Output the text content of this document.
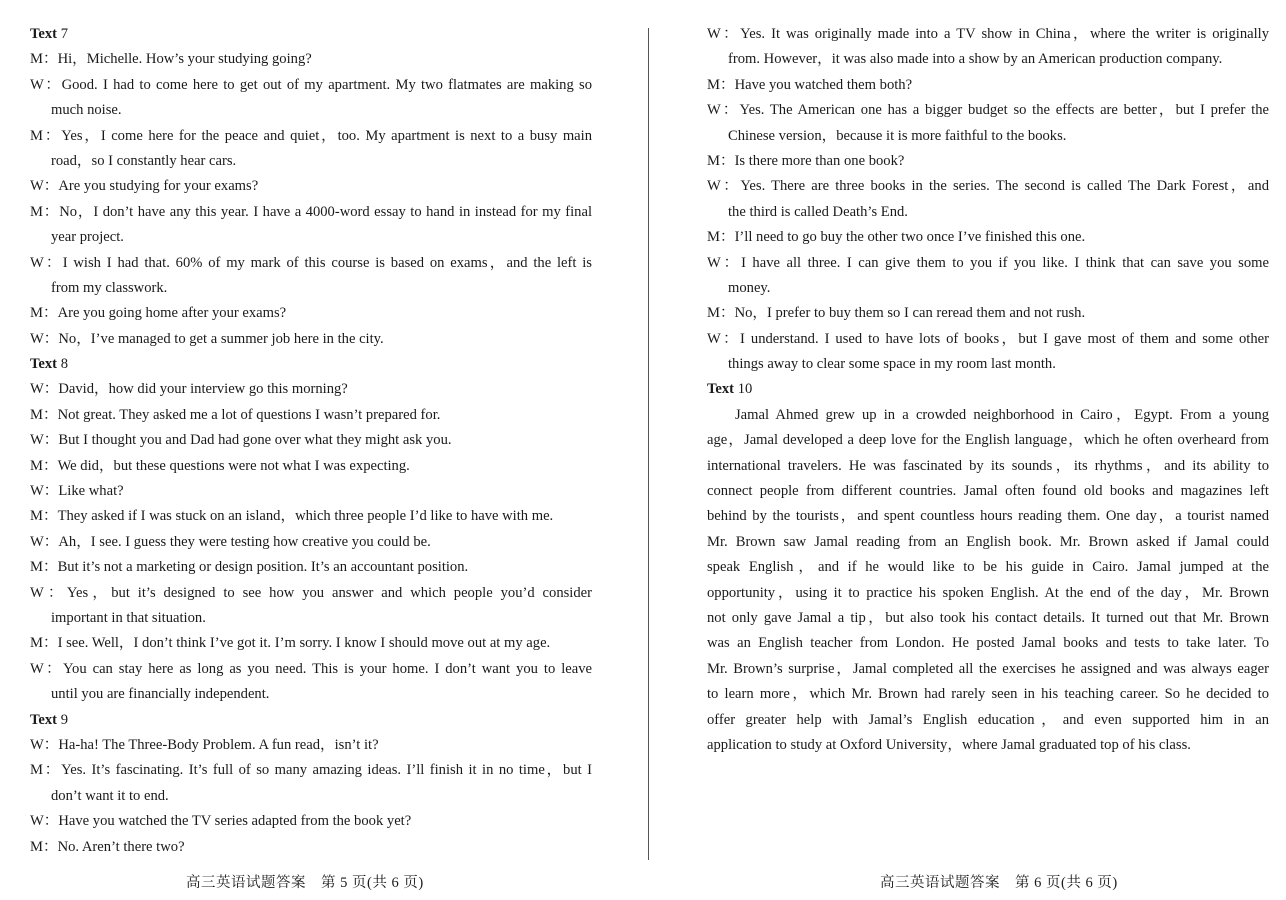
Text 7
M：Hi，Michelle. How’s your studying going?
W：Good. I had to come here to get out of my apartment. My two flatmates are making so
much noise.
M：Yes，I come here for the peace and quiet，too. My apartment is next to a busy main
road，so I constantly hear cars.
W：Are you studying for your exams?
M：No，I don’t have any this year. I have a 4000-word essay to hand in instead for my final
year project.
W：I wish I had that. 60% of my mark of this course is based on exams，and the left is
from my classwork.
M：Are you going home after your exams?
W：No，I’ve managed to get a summer job here in the city.
Text 8
W：David，how did your interview go this morning?
M：Not great. They asked me a lot of questions I wasn’t prepared for.
W：But I thought you and Dad had gone over what they might ask you.
M：We did，but these questions were not what I was expecting.
W：Like what?
M：They asked if I was stuck on an island，which three people I’d like to have with me.
W：Ah，I see. I guess they were testing how creative you could be.
M：But it’s not a marketing or design position. It’s an accountant position.
W：Yes，but it’s designed to see how you answer and which people you’d consider
important in that situation.
M：I see. Well，I don’t think I’ve got it. I’m sorry. I know I should move out at my age.
W：You can stay here as long as you need. This is your home. I don’t want you to leave
until you are financially independent.
Text 9
W：Ha-ha! The Three-Body Problem. A fun read，isn’t it?
M：Yes. It’s fascinating. It’s full of so many amazing ideas. I’ll finish it in no time，but I
don’t want it to end.
W：Have you watched the TV series adapted from the book yet?
M：No. Aren’t there two?
W：Yes. It was originally made into a TV show in China，where the writer is originally
from. However，it was also made into a show by an American production company.
M：Have you watched them both?
W：Yes. The American one has a bigger budget so the effects are better，but I prefer the
Chinese version，because it is more faithful to the books.
M：Is there more than one book?
W：Yes. There are three books in the series. The second is called The Dark Forest，and
the third is called Death’s End.
M：I’ll need to go buy the other two once I’ve finished this one.
W：I have all three. I can give them to you if you like. I think that can save you some
money.
M：No，I prefer to buy them so I can reread them and not rush.
W：I understand. I used to have lots of books，but I gave most of them and some other
things away to clear some space in my room last month.
Text 10
Jamal Ahmed grew up in a crowded neighborhood in Cairo，Egypt. From a young
age，Jamal developed a deep love for the English language，which he often overheard from
international travelers. He was fascinated by its sounds，its rhythms，and its ability to
connect people from different countries. Jamal often found old books and magazines left
behind by the tourists，and spent countless hours reading them. One day，a tourist named
Mr. Brown saw Jamal reading from an English book. Mr. Brown asked if Jamal could
speak English，and if he would like to be his guide in Cairo. Jamal jumped at the
opportunity，using it to practice his spoken English. At the end of the day，Mr. Brown
not only gave Jamal a tip，but also took his contact details. It turned out that Mr. Brown
was an English teacher from London. He posted Jamal books and tests to take later. To
Mr. Brown’s surprise，Jamal completed all the exercises he assigned and was always eager
to learn more，which Mr. Brown had rarely seen in his teaching career. So he decided to
offer greater help with Jamal’s English education，and even supported him in an
application to study at Oxford University，where Jamal graduated top of his class.
高三英语试题答案　第 5 页(共 6 页)	高三英语试题答案　第 6 页(共 6 页)
